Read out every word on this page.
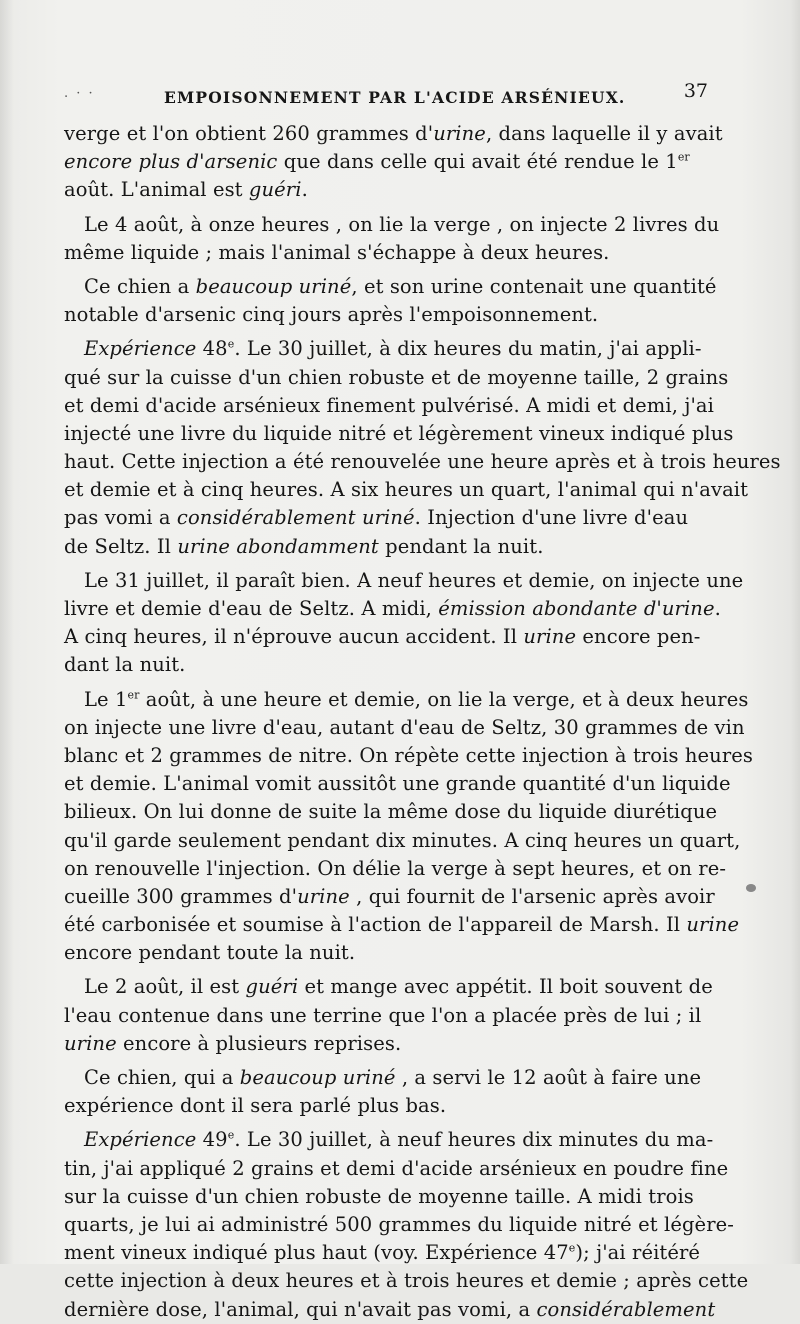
. · ·	EMPOISONNEMENT PAR L'ACIDE ARSÉNIEUX.	37
verge et l'on obtient 260 grammes d'urine, dans laquelle il y avait
encore plus d'arsenic que dans celle qui avait été rendue le 1er
août. L'animal est guéri.
Le 4 août, à onze heures , on lie la verge , on injecte 2 livres du
même liquide ; mais l'animal s'échappe à deux heures.
Ce chien a beaucoup uriné, et son urine contenait une quantité
notable d'arsenic cinq jours après l'empoisonnement.
Expérience 48e. Le 30 juillet, à dix heures du matin, j'ai appli-
qué sur la cuisse d'un chien robuste et de moyenne taille, 2 grains
et demi d'acide arsénieux finement pulvérisé. A midi et demi, j'ai
injecté une livre du liquide nitré et légèrement vineux indiqué plus
haut. Cette injection a été renouvelée une heure après et à trois heures
et demie et à cinq heures. A six heures un quart, l'animal qui n'avait
pas vomi a considérablement uriné. Injection d'une livre d'eau
de Seltz. Il urine abondamment pendant la nuit.
Le 31 juillet, il paraît bien. A neuf heures et demie, on injecte une
livre et demie d'eau de Seltz. A midi, émission abondante d'urine.
A cinq heures, il n'éprouve aucun accident. Il urine encore pen-
dant la nuit.
Le 1er août, à une heure et demie, on lie la verge, et à deux heures
on injecte une livre d'eau, autant d'eau de Seltz, 30 grammes de vin
blanc et 2 grammes de nitre. On répète cette injection à trois heures
et demie. L'animal vomit aussitôt une grande quantité d'un liquide
bilieux. On lui donne de suite la même dose du liquide diurétique
qu'il garde seulement pendant dix minutes. A cinq heures un quart,
on renouvelle l'injection. On délie la verge à sept heures, et on re-
cueille 300 grammes d'urine , qui fournit de l'arsenic après avoir
été carbonisée et soumise à l'action de l'appareil de Marsh. Il urine
encore pendant toute la nuit.
Le 2 août, il est guéri et mange avec appétit. Il boit souvent de
l'eau contenue dans une terrine que l'on a placée près de lui ; il
urine encore à plusieurs reprises.
Ce chien, qui a beaucoup uriné , a servi le 12 août à faire une
expérience dont il sera parlé plus bas.
Expérience 49e. Le 30 juillet, à neuf heures dix minutes du ma-
tin, j'ai appliqué 2 grains et demi d'acide arsénieux en poudre fine
sur la cuisse d'un chien robuste de moyenne taille. A midi trois
quarts, je lui ai administré 500 grammes du liquide nitré et légère-
ment vineux indiqué plus haut (voy. Expérience 47e); j'ai réitéré
cette injection à deux heures et à trois heures et demie ; après cette
dernière dose, l'animal, qui n'avait pas vomi, a considérablement
